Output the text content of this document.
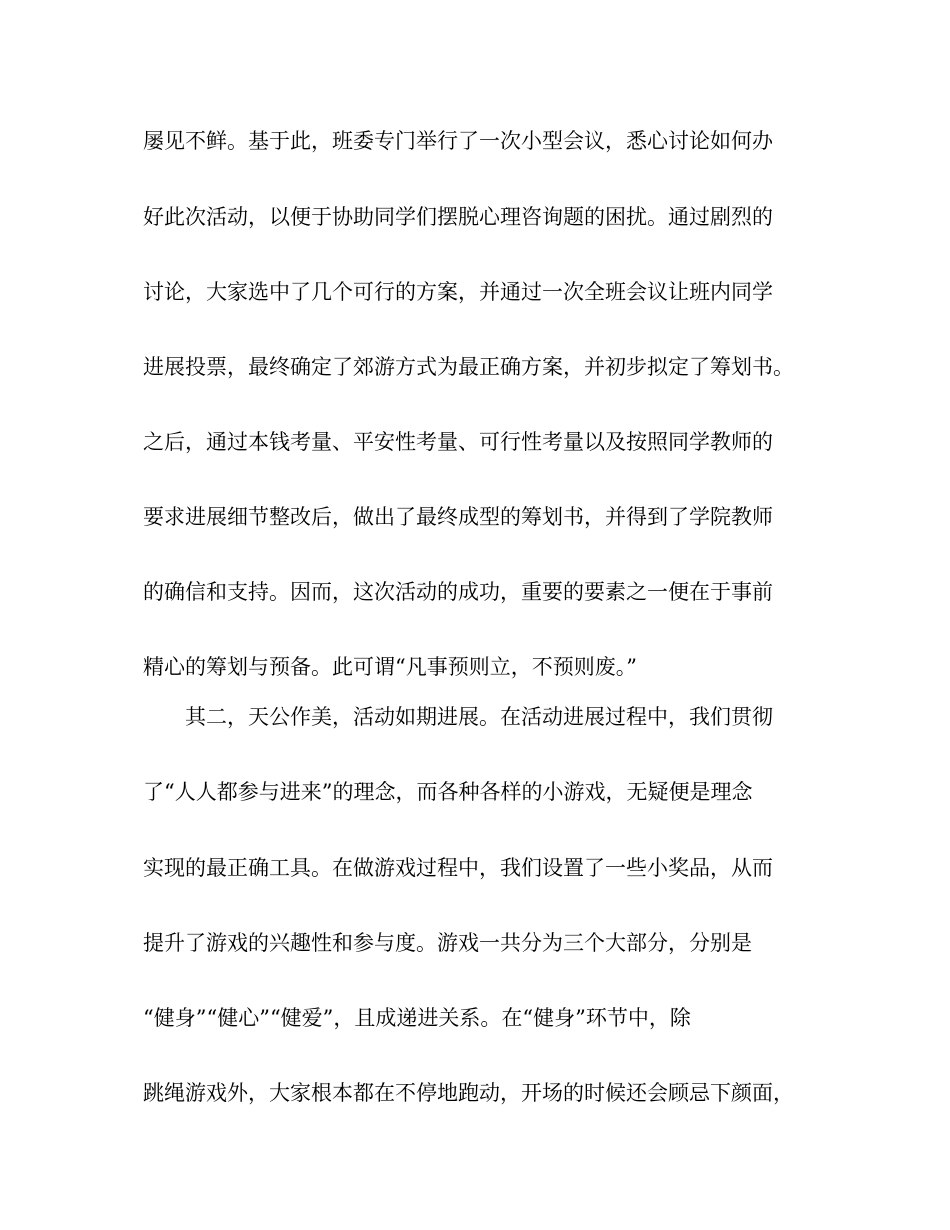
屡见不鲜。基于此，班委专门举行了一次小型会议，悉心讨论如何办
好此次活动，以便于协助同学们摆脱心理咨询题的困扰。通过剧烈的
讨论，大家选中了几个可行的方案，并通过一次全班会议让班内同学
进展投票，最终确定了郊游方式为最正确方案，并初步拟定了筹划书。
之后，通过本钱考量、平安性考量、可行性考量以及按照同学教师的
要求进展细节整改后，做出了最终成型的筹划书，并得到了学院教师
的确信和支持。因而，这次活动的成功，重要的要素之一便在于事前
精心的筹划与预备。此可谓“凡事预则立，不预则废。”
其二，天公作美，活动如期进展。在活动进展过程中，我们贯彻
了“人人都参与进来”的理念，而各种各样的小游戏，无疑便是理念
实现的最正确工具。在做游戏过程中，我们设置了一些小奖品，从而
提升了游戏的兴趣性和参与度。游戏一共分为三个大部分，分别是
“健身”“健心”“健爱”，且成递进关系。在“健身”环节中，除
跳绳游戏外，大家根本都在不停地跑动，开场的时候还会顾忌下颜面，
